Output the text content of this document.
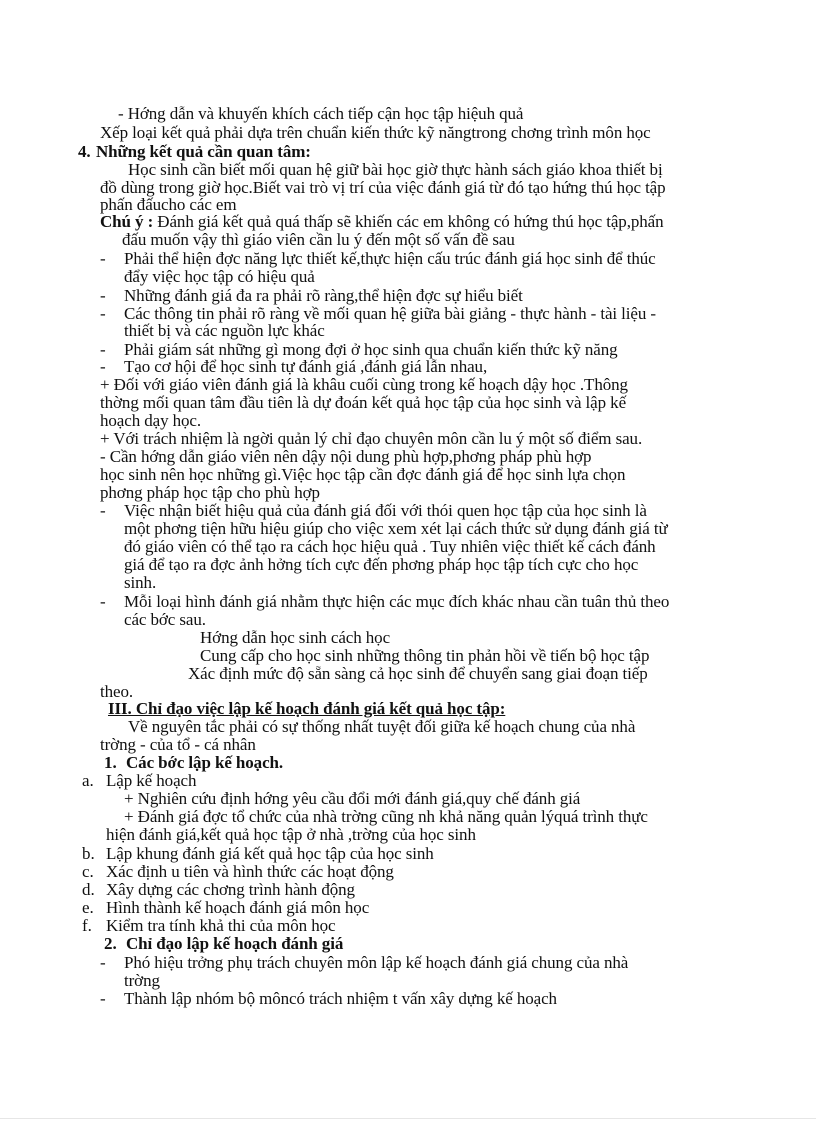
- Hớng dẫn và khuyến khích cách tiếp cận học tập hiệuh quả
Xếp loại kết quả phải dựa trên chuẩn kiến thức kỹ năngtrong chơng trình môn học
4. Những kết quả cần quan tâm:
Học sinh cần biết mối quan hệ giữ bài học giờ thực hành sách giáo khoa thiết bị
đồ dùng trong giờ học.Biết vai trò vị trí của việc đánh giá từ đó tạo hứng thú học tập
phấn đấucho các em
Chú ý : Đánh giá kết quả quá thấp sẽ khiến các em không có hứng thú học tập,phấn
đấu muốn vậy thì giáo viên cần lu ý đến một số vấn đề sau
- Phải thể hiện đợc năng lực thiết kế,thực hiện cấu trúc đánh giá học sinh để thúc
đẩy việc học tập có hiệu quả
- Những đánh giá đa ra phải rõ ràng,thể hiện đợc sự hiểu biết
- Các thông tin phải rõ ràng về mối quan hệ giữa bài giảng - thực hành - tài liệu -
thiết bị và các nguồn lực khác
- Phải giám sát những gì mong đợi ở học sinh qua chuẩn kiến thức kỹ năng
- Tạo cơ hội để học sinh tự đánh giá ,đánh giá lẫn nhau,
+ Đối với giáo viên đánh giá là khâu cuối cùng trong kế hoạch dậy học .Thông
thờng mối quan tâm đầu tiên là dự đoán kết quả học tập của học sinh và lập kế
hoạch dạy học.
+ Với trách nhiệm là ngời quản lý chỉ đạo chuyên môn cần lu ý một số điểm sau.
- Cần hớng dẫn giáo viên nên dậy nội dung phù hợp,phơng pháp phù hợp
học sinh nên học những gì.Việc học tập cần đợc đánh giá để học sinh lựa chọn
phơng pháp học tập cho phù hợp
- Việc nhận biết hiệu quả của đánh giá đối với thói quen học tập của học sinh là
một phơng tiện hữu hiệu giúp cho việc xem xét lại cách thức sử dụng đánh giá từ
đó giáo viên có thể tạo ra cách học hiệu quả . Tuy nhiên việc thiết kế cách đánh
giá để tạo ra đợc ảnh hởng tích cực đến phơng pháp học tập tích cực cho học
sinh.
- Mỗi loại hình đánh giá nhằm thực hiện các mục đích khác nhau cần tuân thủ theo
các bớc sau.
Hớng dẫn học sinh cách học
Cung cấp cho học sinh những thông tin phản hồi về tiến bộ học tập
Xác định mức độ sẵn sàng cả học sinh để chuyển sang giai đoạn tiếp
theo.
III. Chỉ đạo việc lập kế hoạch đánh giá kết quả học tập:
Về nguyên tắc phải có sự thống nhất tuyệt đối giữa kế hoạch chung của nhà
trờng - của tổ - cá nhân
1. Các bớc lập kế hoạch.
a. Lập kế hoạch
+ Nghiên cứu định hớng yêu cầu đổi mới đánh giá,quy chế đánh giá
+ Đánh giá đợc tổ chức của nhà trờng cũng nh khả năng quản lýquá trình thực
hiện đánh giá,kết quả học tập ở nhà ,trờng của học sinh
b. Lập khung đánh giá kết quả học tập của học sinh
c. Xác định u tiên và hình thức các hoạt động
d. Xây dựng các chơng trình hành động
e. Hình thành kế hoạch đánh giá môn học
f. Kiểm tra tính khả thi của môn học
2. Chỉ đạo lập kế hoạch đánh giá
- Phó hiệu trởng phụ trách chuyên môn lập kế hoạch đánh giá chung của nhà
trờng
- Thành lập nhóm bộ môncó trách nhiệm t vấn xây dựng kế hoạch
